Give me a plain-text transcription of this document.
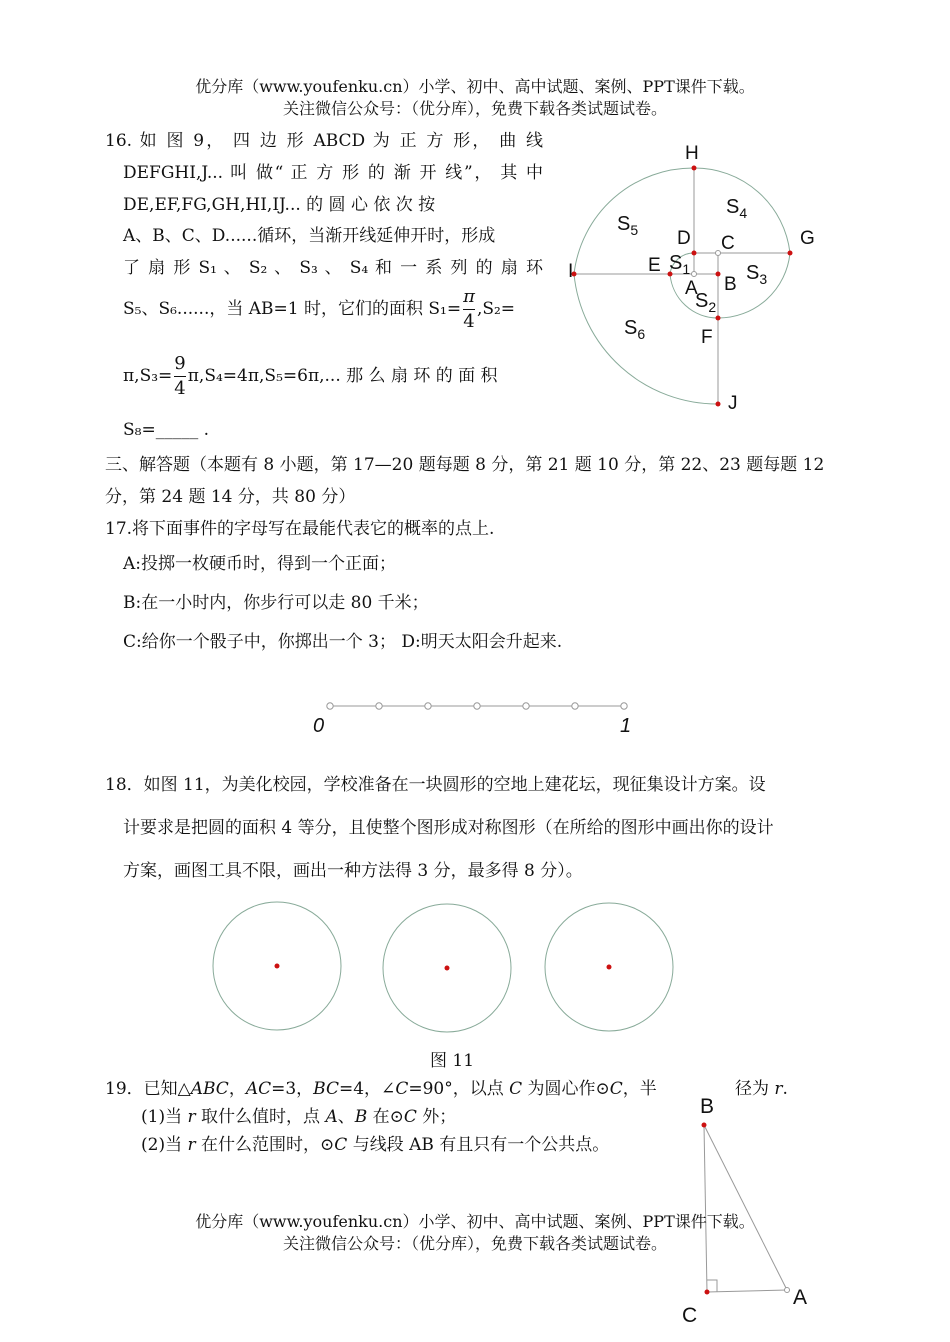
优分库（www.youfenku.cn）小学、初中、高中试题、案例、PPT课件下载。
关注微信公众号：（优分库），免费下载各类试题试卷。
16. 如 图 9， 四 边 形 ABCD 为 正 方 形， 曲 线
DEFGHI,J... 叫 做“ 正 方 形 的 渐 开 线”， 其 中
DE,EF,FG,GH,HI,IJ... 的 圆 心 依 次 按
A、B、C、D......循环，当渐开线延伸开时，形成
了 扇 形 S₁ 、 S₂ 、 S₃ 、 S₄ 和 一 系 列 的 扇 环
S₅、S₆......，当 AB=1 时，它们的面积 $S_1= \frac{\pi}{4} ,S_2=$
$\pi,S_3= \frac{9}{4} \pi,S_4=4\pi,S_5=6\pi$,... 那 么 扇 环 的 面 积
S₈=_____ .
H
G
I
J
D C
E
B
A
F
$S_5$
$S_4$
$S_3$
$S_1$
$S_2$
$S_6$
三、解答题（本题有 8 小题，第 17—20 题每题 8 分，第 21 题 10 分，第 22、23 题每题 12
分，第 24 题 14 分，共 80 分）
17.将下面事件的字母写在最能代表它的概率的点上.
A:投掷一枚硬币时，得到一个正面；
B:在一小时内，你步行可以走 80 千米；
C:给你一个骰子中，你掷出一个 3； D:明天太阳会升起来.
0	1
18．如图 11，为美化校园，学校准备在一块圆形的空地上建花坛，现征集设计方案。设
计要求是把圆的面积 4 等分，且使整个图形成对称图形（在所给的图形中画出你的设计
方案，画图工具不限，画出一种方法得 3 分，最多得 8 分）。
图 11
19．已知△ABC，AC=3，BC=4，∠C=90°，以点 C 为圆心作⊙C，半	径为 r.
(1)当 r 取什么值时，点 A、B 在⊙C 外；
(2)当 r 在什么范围时，⊙C 与线段 AB 有且只有一个公共点。
B
C
A
优分库（www.youfenku.cn）小学、初中、高中试题、案例、PPT课件下载。
关注微信公众号：（优分库），免费下载各类试题试卷。
